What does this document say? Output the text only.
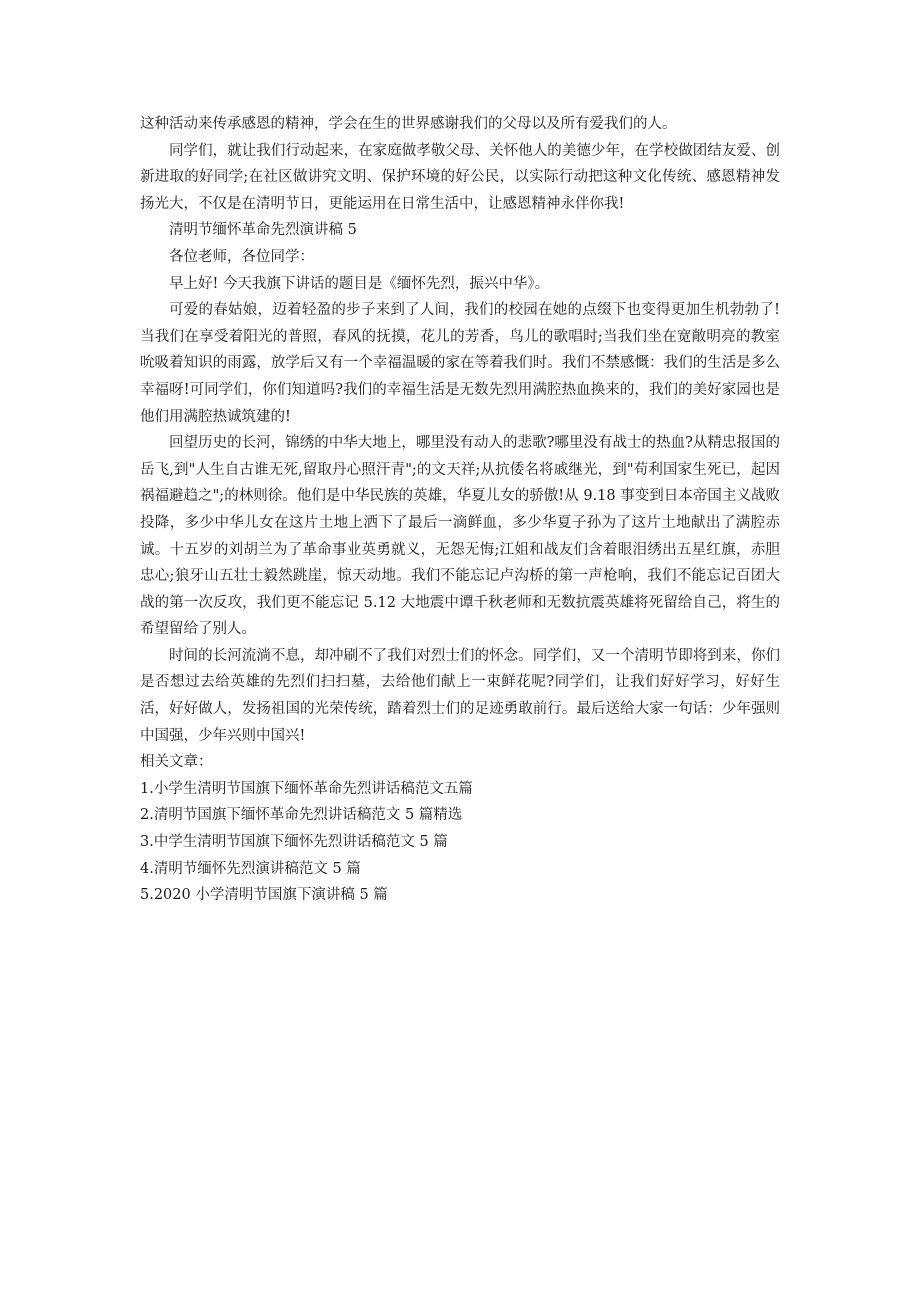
这种活动来传承感恩的精神，学会在生的世界感谢我们的父母以及所有爱我们的人。

同学们，就让我们行动起来，在家庭做孝敬父母、关怀他人的美德少年，在学校做团结友爱、创新进取的好同学;在社区做讲究文明、保护环境的好公民，以实际行动把这种文化传统、感恩精神发扬光大，不仅是在清明节日，更能运用在日常生活中，让感恩精神永伴你我!

清明节缅怀革命先烈演讲稿 5

各位老师，各位同学：

早上好! 今天我旗下讲话的题目是《缅怀先烈，振兴中华》。

可爱的春姑娘，迈着轻盈的步子来到了人间，我们的校园在她的点缀下也变得更加生机勃勃了!当我们在享受着阳光的普照，春风的抚摸，花儿的芳香，鸟儿的歌唱时;当我们坐在宽敞明亮的教室吮吸着知识的雨露，放学后又有一个幸福温暖的家在等着我们时。我们不禁感慨：我们的生活是多么幸福呀!可同学们，你们知道吗?我们的幸福生活是无数先烈用满腔热血换来的，我们的美好家园也是他们用满腔热诚筑建的!

回望历史的长河，锦绣的中华大地上，哪里没有动人的悲歌?哪里没有战士的热血?从精忠报国的岳飞,到"人生自古谁无死,留取丹心照汗青";的文天祥;从抗倭名将戚继光，到"苟利国家生死已，起因祸福避趋之";的林则徐。他们是中华民族的英雄，华夏儿女的骄傲!从 9.18 事变到日本帝国主义战败投降，多少中华儿女在这片土地上洒下了最后一滴鲜血，多少华夏子孙为了这片土地献出了满腔赤诚。十五岁的刘胡兰为了革命事业英勇就义，无怨无悔;江姐和战友们含着眼泪绣出五星红旗，赤胆忠心;狼牙山五壮士毅然跳崖，惊天动地。我们不能忘记卢沟桥的第一声枪响，我们不能忘记百团大战的第一次反攻，我们更不能忘记 5.12 大地震中谭千秋老师和无数抗震英雄将死留给自己，将生的希望留给了别人。

时间的长河流淌不息，却冲刷不了我们对烈士们的怀念。同学们，又一个清明节即将到来，你们是否想过去给英雄的先烈们扫扫墓，去给他们献上一束鲜花呢?同学们，让我们好好学习，好好生活，好好做人，发扬祖国的光荣传统，踏着烈士们的足迹勇敢前行。最后送给大家一句话：少年强则中国强，少年兴则中国兴!

相关文章：

1.小学生清明节国旗下缅怀革命先烈讲话稿范文五篇
2.清明节国旗下缅怀革命先烈讲话稿范文 5 篇精选
3.中学生清明节国旗下缅怀先烈讲话稿范文 5 篇
4.清明节缅怀先烈演讲稿范文 5 篇
5.2020 小学清明节国旗下演讲稿 5 篇
